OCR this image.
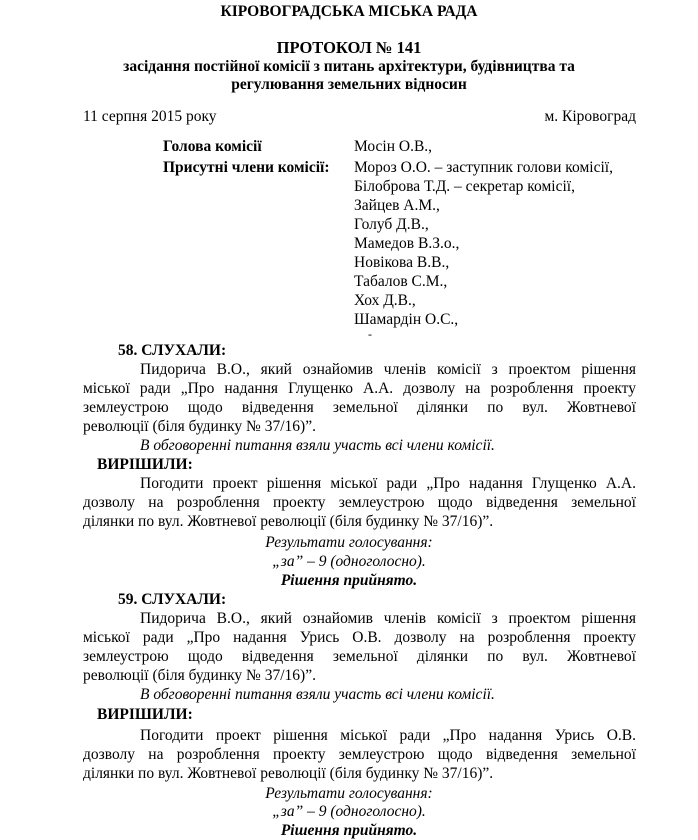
КІРОВОГРАДСЬКА МІСЬКА РАДА
ПРОТОКОЛ № 141
засідання постійної комісії з питань архітектури, будівництва та
регулювання земельних відносин
11 серпня 2015 року	м. Кіровоград
Голова комісії	Мосін О.В.,
Присутні члени комісії: Мороз О.О. – заступник голови комісії,
Білоброва Т.Д. – секретар комісії,
Зайцев А.М.,
Голуб Д.В.,
Мамедов В.З.о.,
Новікова В.В.,
Табалов С.М.,
Хох Д.В.,
Шамардін О.С.,
-
58. СЛУХАЛИ:
Пидорича В.О., який ознайомив членів комісії з проектом рішення
міської ради „Про надання Глущенко А.А. дозволу на розроблення проекту
землеустрою щодо відведення земельної ділянки по вул. Жовтневої
революції (біля будинку № 37/16)”.
В обговоренні питання взяли участь всі члени комісії.
ВИРІШИЛИ:
Погодити проект рішення міської ради „Про надання Глущенко А.А.
дозволу на розроблення проекту землеустрою щодо відведення земельної
ділянки по вул. Жовтневої революції (біля будинку № 37/16)”.
Результати голосування:
„за” – 9 (одноголосно).
Рішення прийнято.
59. СЛУХАЛИ:
Пидорича В.О., який ознайомив членів комісії з проектом рішення
міської ради „Про надання Урись О.В. дозволу на розроблення проекту
землеустрою щодо відведення земельної ділянки по вул. Жовтневої
революції (біля будинку № 37/16)”.
В обговоренні питання взяли участь всі члени комісії.
ВИРІШИЛИ:
Погодити проект рішення міської ради „Про надання Урись О.В.
дозволу на розроблення проекту землеустрою щодо відведення земельної
ділянки по вул. Жовтневої революції (біля будинку № 37/16)”.
Результати голосування:
„за” – 9 (одноголосно).
Рішення прийнято.
